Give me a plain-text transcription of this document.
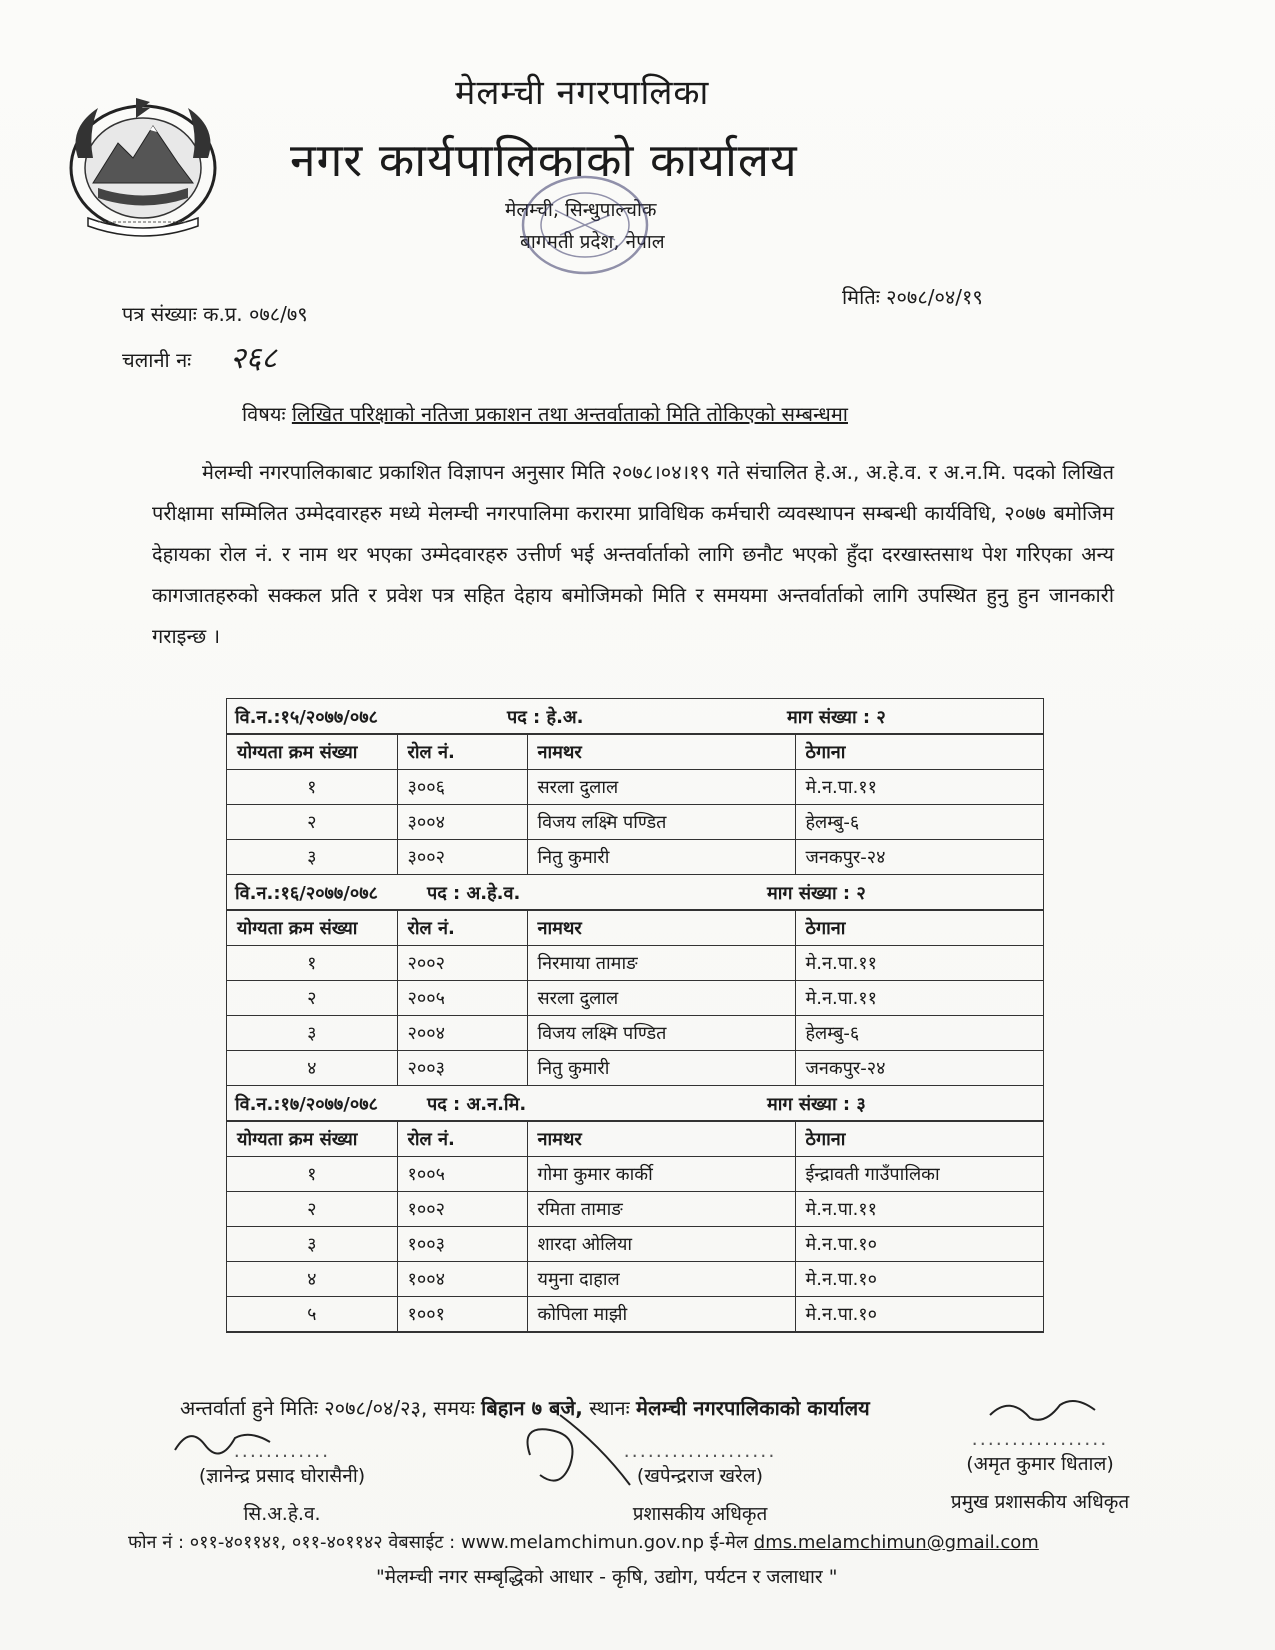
मेलम्ची नगरपालिका
नगर कार्यपालिकाको कार्यालय
मेलम्ची, सिन्धुपाल्चोक
बागमती प्रदेश, नेपाल
पत्र संख्याः क.प्र. ०७८/७९
चलानी नः २६८
मितिः २०७८/०४/१९
विषयः लिखित परिक्षाको नतिजा प्रकाशन तथा अन्तर्वाताको मिति तोकिएको सम्बन्धमा
मेलम्ची नगरपालिकाबाट प्रकाशित विज्ञापन अनुसार मिति २०७८।०४।१९ गते संचालित हे.अ., अ.हे.व. र अ.न.मि. पदको लिखित परीक्षामा सम्मिलित उम्मेदवारहरु मध्ये मेलम्ची नगरपालिमा करारमा प्राविधिक कर्मचारी व्यवस्थापन सम्बन्धी कार्यविधि, २०७७ बमोजिम देहायका रोल नं. र नाम थर भएका उम्मेदवारहरु उत्तीर्ण भई अन्तर्वार्ताको लागि छनौट भएको हुँदा दरखास्तसाथ पेश गरिएका अन्य कागजातहरुको सक्कल प्रति र प्रवेश पत्र सहित देहाय बमोजिमको मिति र समयमा अन्तर्वार्ताको लागि उपस्थित हुनु हुन जानकारी गराइन्छ ।
वि.न.:१५/२०७७/०७८	पद : हे.अ.	माग संख्या : २
योग्यता क्रम संख्या	रोल नं.	नामथर	ठेगाना
१	३००६	सरला दुलाल	मे.न.पा.११
२	३००४	विजय लक्ष्मि पण्डित	हेलम्बु-६
३	३००२	नितु कुमारी	जनकपुर-२४
वि.न.:१६/२०७७/०७८	पद : अ.हे.व.	माग संख्या : २
योग्यता क्रम संख्या	रोल नं.	नामथर	ठेगाना
१	२००२	निरमाया तामाङ	मे.न.पा.११
२	२००५	सरला दुलाल	मे.न.पा.११
३	२००४	विजय लक्ष्मि पण्डित	हेलम्बु-६
४	२००३	नितु कुमारी	जनकपुर-२४
वि.न.:१७/२०७७/०७८	पद : अ.न.मि.	माग संख्या : ३
योग्यता क्रम संख्या	रोल नं.	नामथर	ठेगाना
१	१००५	गोमा कुमार कार्की	ईन्द्रावती गाउँपालिका
२	१००२	रमिता तामाङ	मे.न.पा.११
३	१००३	शारदा ओलिया	मे.न.पा.१०
४	१००४	यमुना दाहाल	मे.न.पा.१०
५	१००१	कोपिला माझी	मे.न.पा.१०
अन्तर्वार्ता हुने मितिः २०७८/०४/२३, समयः बिहान ७ बजे, स्थानः मेलम्ची नगरपालिकाको कार्यालय
............
(ज्ञानेन्द्र प्रसाद घोरासैनी)
सि.अ.हे.व.
...................
(खपेन्द्रराज खरेल)
प्रशासकीय अधिकृत
.................
(अमृत कुमार धिताल)
प्रमुख प्रशासकीय अधिकृत
फोन नं : ०११-४०११४१, ०११-४०११४२ वेबसाईट : www.melamchimun.gov.np ई-मेल dms.melamchimun@gmail.com
"मेलम्ची नगर सम्बृद्धिको आधार - कृषि, उद्योग, पर्यटन र जलाधार "
